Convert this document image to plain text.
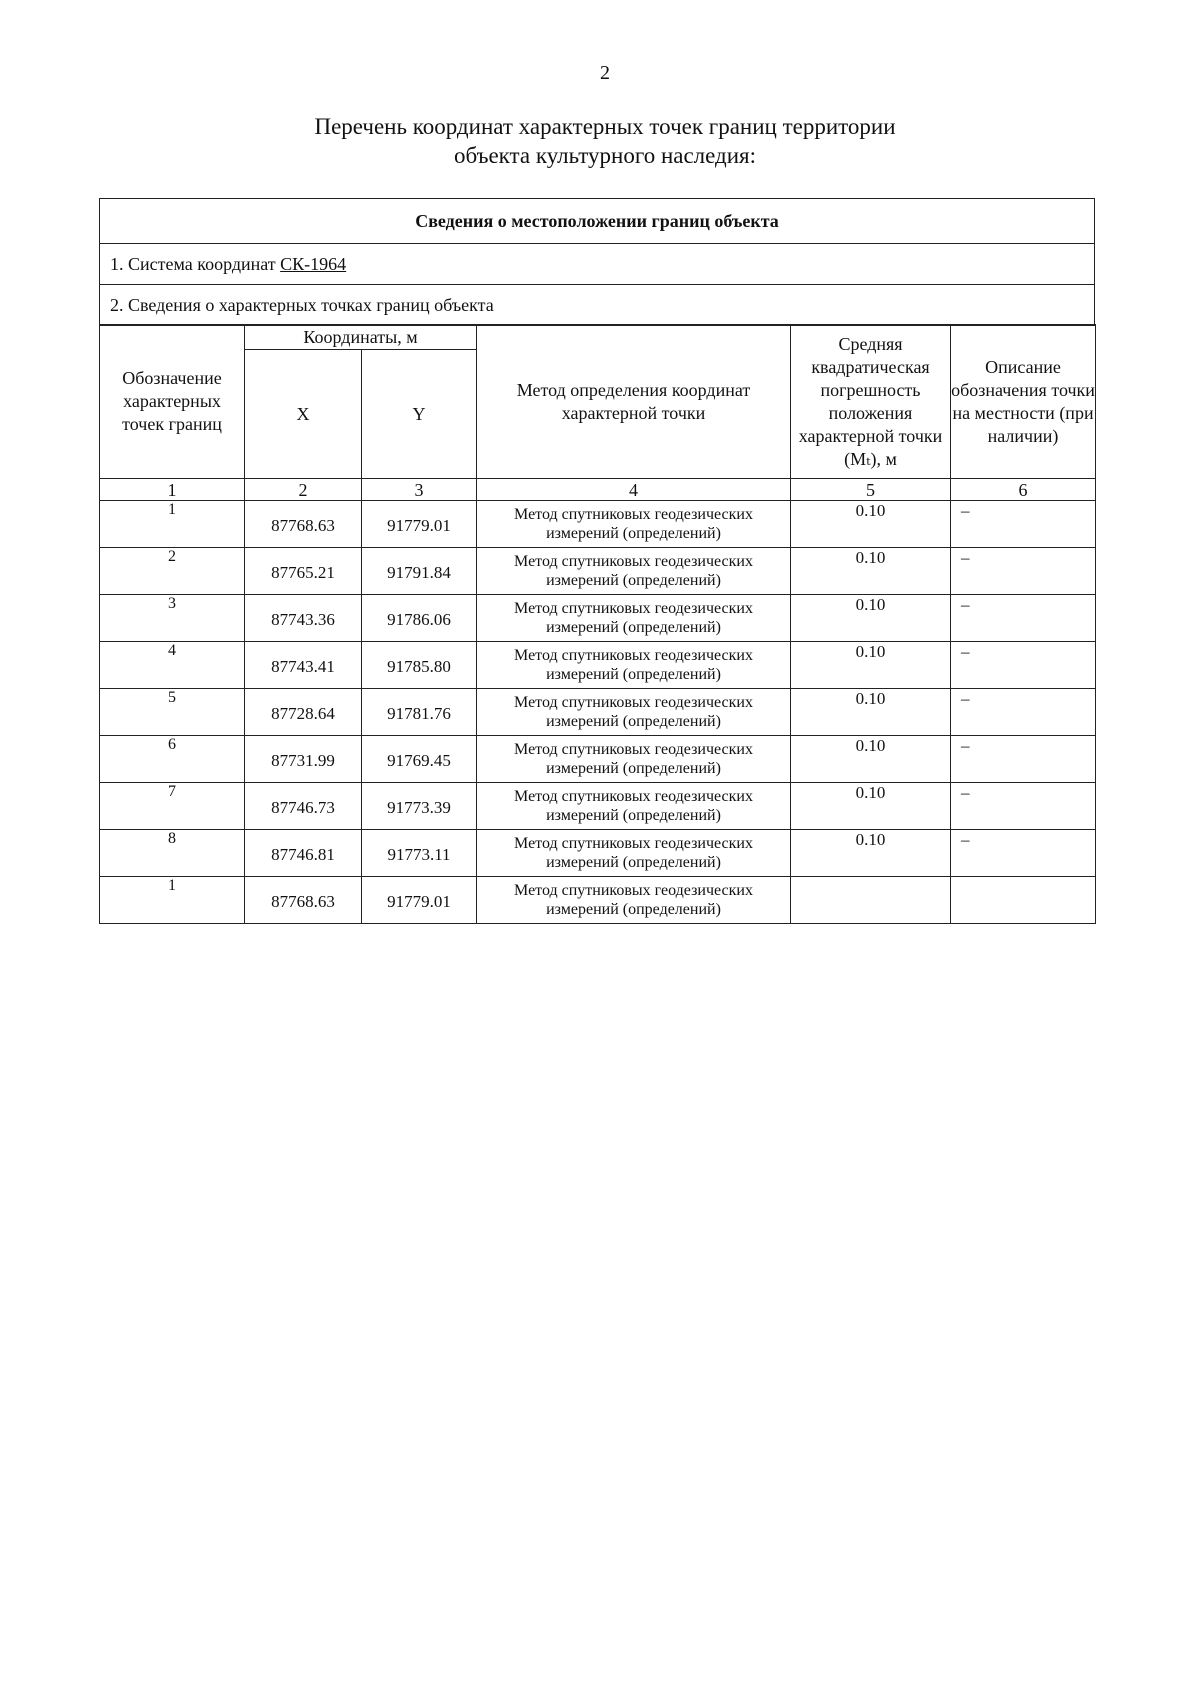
2
Перечень координат характерных точек границ территории
объекта культурного наследия:
Сведения о местоположении границ объекта
1. Система координат СК-1964
2. Сведения о характерных точках границ объекта
Обозначение характерных точек границ	Координаты, м		Метод определения координат характерной точки	Средняя квадратическая погрешность положения характерной точки (Mₜ), м	Описание обозначения точки на местности (при наличии)
	X	Y			
1	2	3	4	5	6
1	87768.63	91779.01	Метод спутниковых геодезических измерений (определений)	0.10	–
2	87765.21	91791.84	Метод спутниковых геодезических измерений (определений)	0.10	–
3	87743.36	91786.06	Метод спутниковых геодезических измерений (определений)	0.10	–
4	87743.41	91785.80	Метод спутниковых геодезических измерений (определений)	0.10	–
5	87728.64	91781.76	Метод спутниковых геодезических измерений (определений)	0.10	–
6	87731.99	91769.45	Метод спутниковых геодезических измерений (определений)	0.10	–
7	87746.73	91773.39	Метод спутниковых геодезических измерений (определений)	0.10	–
8	87746.81	91773.11	Метод спутниковых геодезических измерений (определений)	0.10	–
1	87768.63	91779.01	Метод спутниковых геодезических измерений (определений)		
